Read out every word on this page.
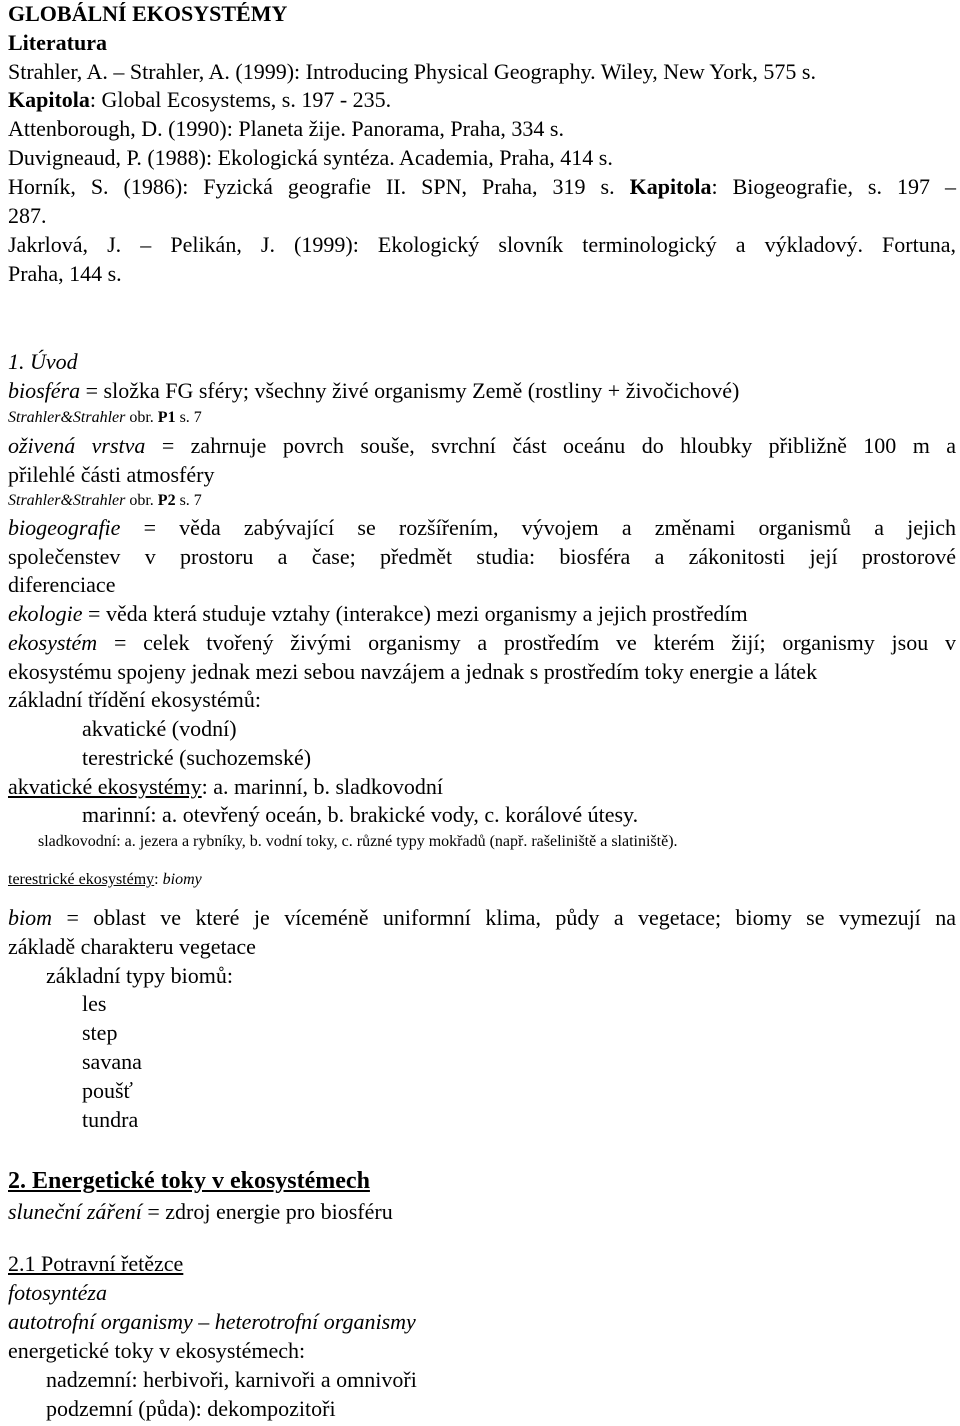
GLOBÁLNÍ EKOSYSTÉMY
Literatura
Strahler, A. – Strahler, A. (1999): Introducing Physical Geography. Wiley, New York, 575 s.
Kapitola: Global Ecosystems, s. 197 - 235.
Attenborough, D. (1990): Planeta žije. Panorama, Praha, 334 s.
Duvigneaud, P. (1988): Ekologická syntéza. Academia, Praha, 414 s.
Horník, S. (1986): Fyzická geografie II. SPN, Praha, 319 s. Kapitola: Biogeografie, s. 197 –
287.
Jakrlová, J. – Pelikán, J. (1999): Ekologický slovník terminologický a výkladový. Fortuna,
Praha, 144 s.
1. Úvod
biosféra = složka FG sféry; všechny živé organismy Země (rostliny + živočichové)
Strahler&Strahler obr. P1 s. 7
oživená vrstva = zahrnuje povrch souše, svrchní část oceánu do hloubky přibližně 100 m a
přilehlé části atmosféry
Strahler&Strahler obr. P2 s. 7
biogeografie = věda zabývající se rozšířením, vývojem a změnami organismů a jejich
společenstev v prostoru a čase; předmět studia: biosféra a zákonitosti její prostorové
diferenciace
ekologie = věda která studuje vztahy (interakce) mezi organismy a jejich prostředím
ekosystém = celek tvořený živými organismy a prostředím ve kterém žijí; organismy jsou v
ekosystému spojeny jednak mezi sebou navzájem a jednak s prostředím toky energie a látek
základní třídění ekosystémů:
akvatické (vodní)
terestrické (suchozemské)
akvatické ekosystémy: a. marinní, b. sladkovodní
marinní: a. otevřený oceán, b. brakické vody, c. korálové útesy.
sladkovodní: a. jezera a rybníky, b. vodní toky, c. různé typy mokřadů (např. rašeliniště a slatiniště).
terestrické ekosystémy: biomy
biom = oblast ve které je víceméně uniformní klima, půdy a vegetace; biomy se vymezují na
základě charakteru vegetace
základní typy biomů:
les
step
savana
poušť
tundra
2. Energetické toky v ekosystémech
sluneční záření = zdroj energie pro biosféru
2.1 Potravní řetězce
fotosyntéza
autotrofní organismy – heterotrofní organismy
energetické toky v ekosystémech:
nadzemní: herbivoři, karnivoři a omnivoři
podzemní (půda): dekompozitoři
